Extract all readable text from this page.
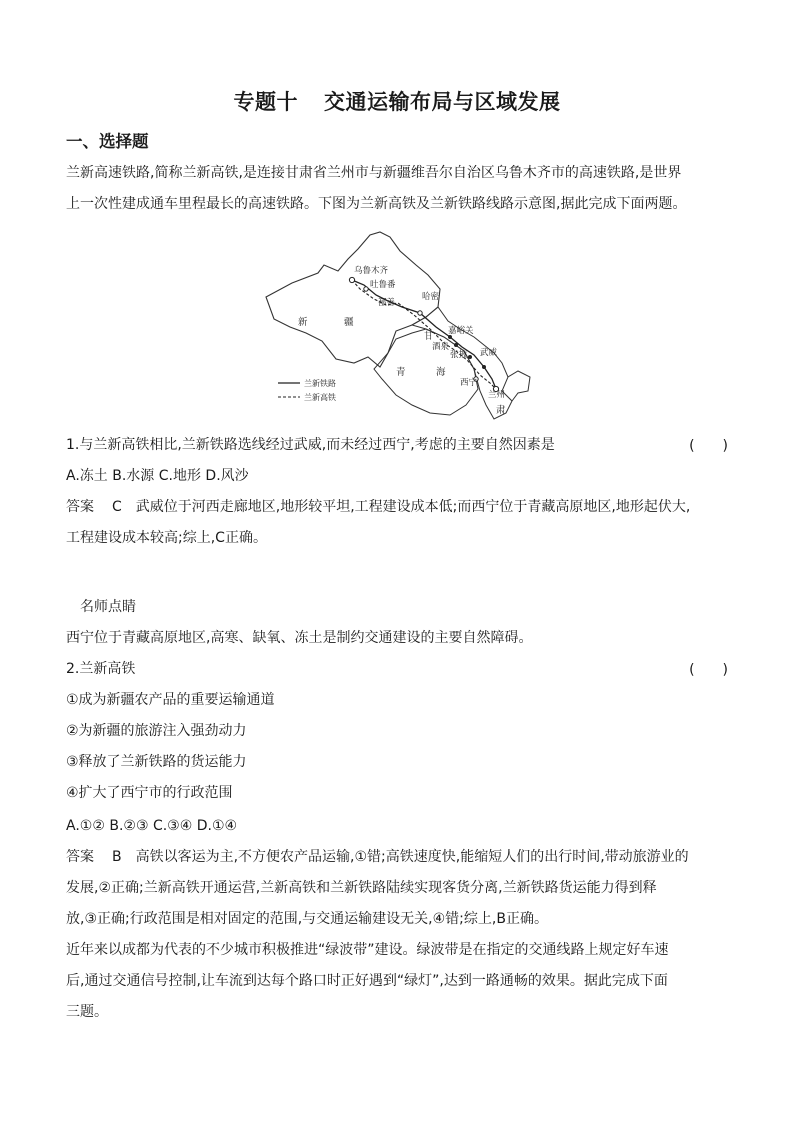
专题十 交通运输布局与区域发展
一、选择题
兰新高速铁路,简称兰新高铁,是连接甘肃省兰州市与新疆维吾尔自治区乌鲁木齐市的高速铁路,是世界
上一次性建成通车里程最长的高速铁路。下图为兰新高铁及兰新铁路线路示意图,据此完成下面两题。
乌鲁木齐
吐鲁番
鄯善
哈密
嘉峪关
酒泉
张掖 武威
西宁
兰州
新	疆
甘
青	海
肃
兰新铁路
兰新高铁
1.与兰新高铁相比,兰新铁路选线经过武威,而未经过西宁,考虑的主要自然因素是	(　　)
A.冻土 B.水源 C.地形 D.风沙
答案 C　武威位于河西走廊地区,地形较平坦,工程建设成本低;而西宁位于青藏高原地区,地形起伏大,
工程建设成本较高;综上,C正确。
名师点睛
西宁位于青藏高原地区,高寒、缺氧、冻土是制约交通建设的主要自然障碍。
2.兰新高铁	(　　)
①成为新疆农产品的重要运输通道
②为新疆的旅游注入强劲动力
③释放了兰新铁路的货运能力
④扩大了西宁市的行政范围
A.①② B.②③ C.③④ D.①④
答案 B　高铁以客运为主,不方便农产品运输,①错;高铁速度快,能缩短人们的出行时间,带动旅游业的
发展,②正确;兰新高铁开通运营,兰新高铁和兰新铁路陆续实现客货分离,兰新铁路货运能力得到释
放,③正确;行政范围是相对固定的范围,与交通运输建设无关,④错;综上,B正确。
近年来以成都为代表的不少城市积极推进“绿波带”建设。绿波带是在指定的交通线路上规定好车速
后,通过交通信号控制,让车流到达每个路口时正好遇到“绿灯”,达到一路通畅的效果。据此完成下面
三题。
